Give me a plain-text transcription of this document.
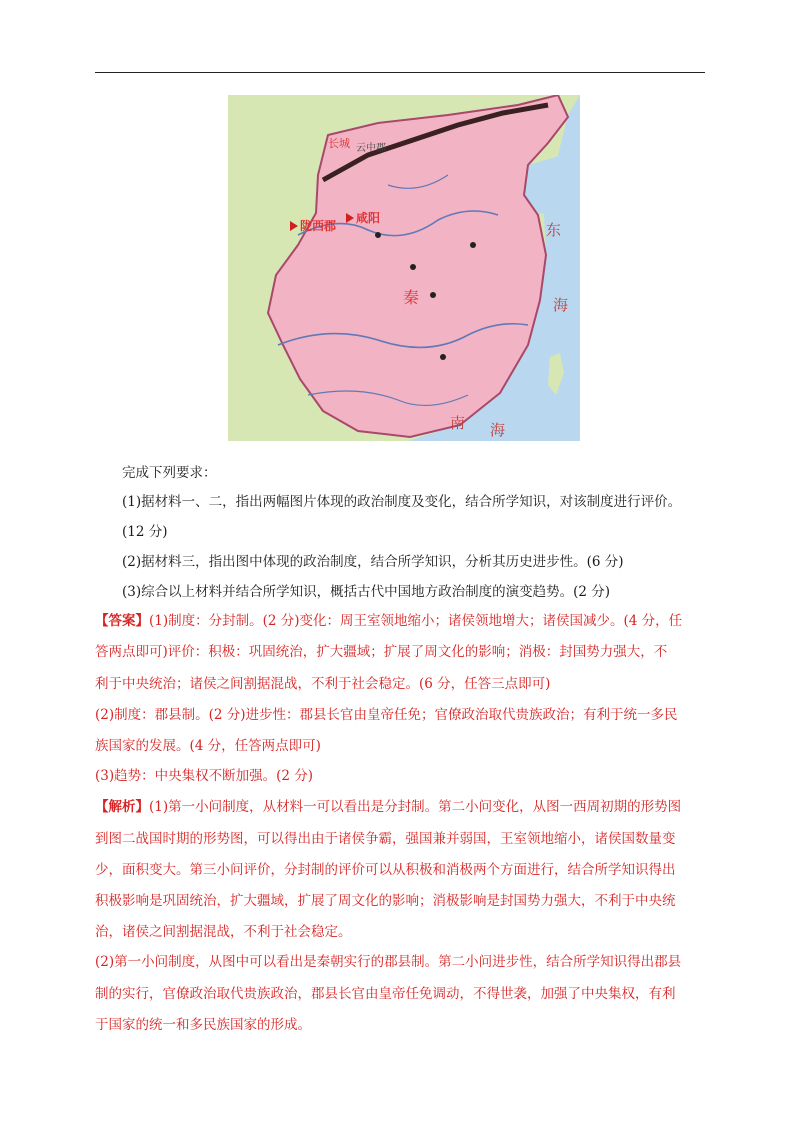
长城 云中郡
陇西郡
咸阳
秦
东
海
南 海
完成下列要求：
(1)据材料一、二，指出两幅图片体现的政治制度及变化，结合所学知识，对该制度进行评价。
(12 分)
(2)据材料三，指出图中体现的政治制度，结合所学知识，分析其历史进步性。(6 分)
(3)综合以上材料并结合所学知识，概括古代中国地方政治制度的演变趋势。(2 分)
【答案】(1)制度：分封制。(2 分)变化：周王室领地缩小；诸侯领地增大；诸侯国减少。(4 分，任
答两点即可)评价：积极：巩固统治，扩大疆域；扩展了周文化的影响；消极：封国势力强大，不
利于中央统治；诸侯之间割据混战，不利于社会稳定。(6 分，任答三点即可)
(2)制度：郡县制。(2 分)进步性：郡县长官由皇帝任免；官僚政治取代贵族政治；有利于统一多民
族国家的发展。(4 分，任答两点即可)
(3)趋势：中央集权不断加强。(2 分)
【解析】(1)第一小问制度，从材料一可以看出是分封制。第二小问变化，从图一西周初期的形势图
到图二战国时期的形势图，可以得出由于诸侯争霸，强国兼并弱国，王室领地缩小，诸侯国数量变
少，面积变大。第三小问评价，分封制的评价可以从积极和消极两个方面进行，结合所学知识得出
积极影响是巩固统治，扩大疆域，扩展了周文化的影响；消极影响是封国势力强大，不利于中央统
治，诸侯之间割据混战，不利于社会稳定。
(2)第一小问制度，从图中可以看出是秦朝实行的郡县制。第二小问进步性，结合所学知识得出郡县
制的实行，官僚政治取代贵族政治，郡县长官由皇帝任免调动，不得世袭，加强了中央集权，有利
于国家的统一和多民族国家的形成。
